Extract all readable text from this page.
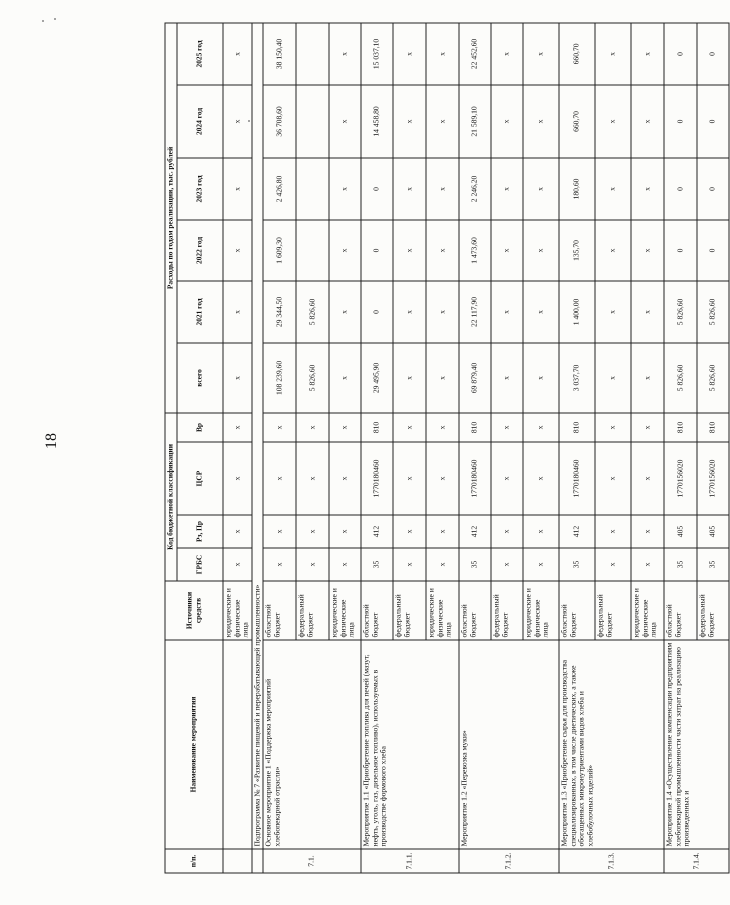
18
п/п.	Наименование мероприятия	Источники средств	Код бюджетной классификации				Расходы по годам реализации, тыс. рублей					
			ГРБС	Рз, Пр	ЦСР	Вр	всего	2021 год	2022 год	2023 год	2024 год	2025 год
		юридические и физические лица	х	х	х	х	х	х	х	х	х	х
	Подпрограмма № 7 «Развитие пищевой и перерабатывающей промышленности»											
7.1.	Основное мероприятие 1 «Поддержка мероприятий хлебопекарной отрасли»	областной бюджет	х	х	х	х	108 239,60	29 344,50	1 609,30	2 426,80	36 708,60	38 150,40
		федеральный бюджет	х	х	х	х	5 826,60	5 826,60				
		юридические и физические лица	х	х	х	х	х	х	х	х	х	х
7.1.1.	Мероприятие 1.1 «Приобретение топлива для печей (мазут, нефть, уголь, газ, дизельное топливо), используемых в производстве формового хлеба	областной бюджет	35	412	1770180460	810	29 495,90	0	0	0	14 458,80	15 037,10
		федеральный бюджет	х	х	х	х	х	х	х	х	х	х
		юридические и физические лица	х	х	х	х	х	х	х	х	х	х
7.1.2.	Мероприятие 1.2 «Перевозка муки»	областной бюджет	35	412	1770180460	810	69 879,40	22 117,90	1 473,60	2 246,20	21 589,10	22 452,60
		федеральный бюджет	х	х	х	х	х	х	х	х	х	х
		юридические и физические лица	х	х	х	х	х	х	х	х	х	х
7.1.3.	Мероприятие 1.3 «Приобретение сырья для производства специализированных, в том числе диетических, а также обогащенных микронутриентами видов хлеба и хлебобулочных изделий»	областной бюджет	35	412	1770180460	810	3 037,70	1 400,00	135,70	180,60	660,70	660,70
		федеральный бюджет	х	х	х	х	х	х	х	х	х	х
		юридические и физические лица	х	х	х	х	х	х	х	х	х	х
7.1.4.	Мероприятие 1.4 «Осуществление компенсации предприятиям хлебопекарной промышленности части затрат на реализацию произведенных и	областной бюджет	35	405	1770156020	810	5 826,60	5 826,60	0	0	0	0
		федеральный бюджет	35	405	1770156020	810	5 826,60	5 826,60	0	0	0	0
